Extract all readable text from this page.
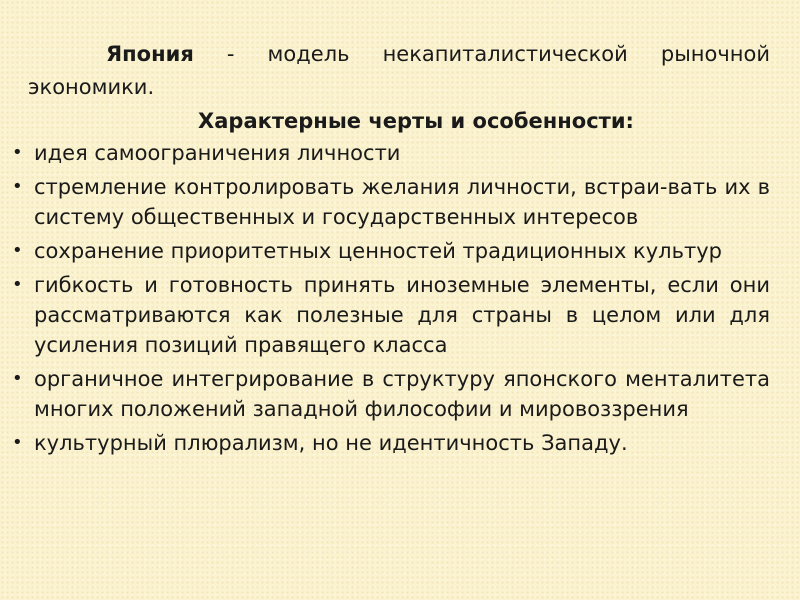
Япония - модель некапиталистической рыночной экономики.

Характерные черты и особенности:

• идея самоограничения личности
• стремление контролировать желания личности, встраи-вать их в систему общественных и государственных интересов
• сохранение приоритетных ценностей традиционных культур
• гибкость и готовность принять иноземные элементы, если они рассматриваются как полезные для страны в целом или для усиления позиций правящего класса
• органичное интегрирование в структуру японского менталитета многих положений западной философии и мировоззрения
• культурный плюрализм, но не идентичность Западу.
